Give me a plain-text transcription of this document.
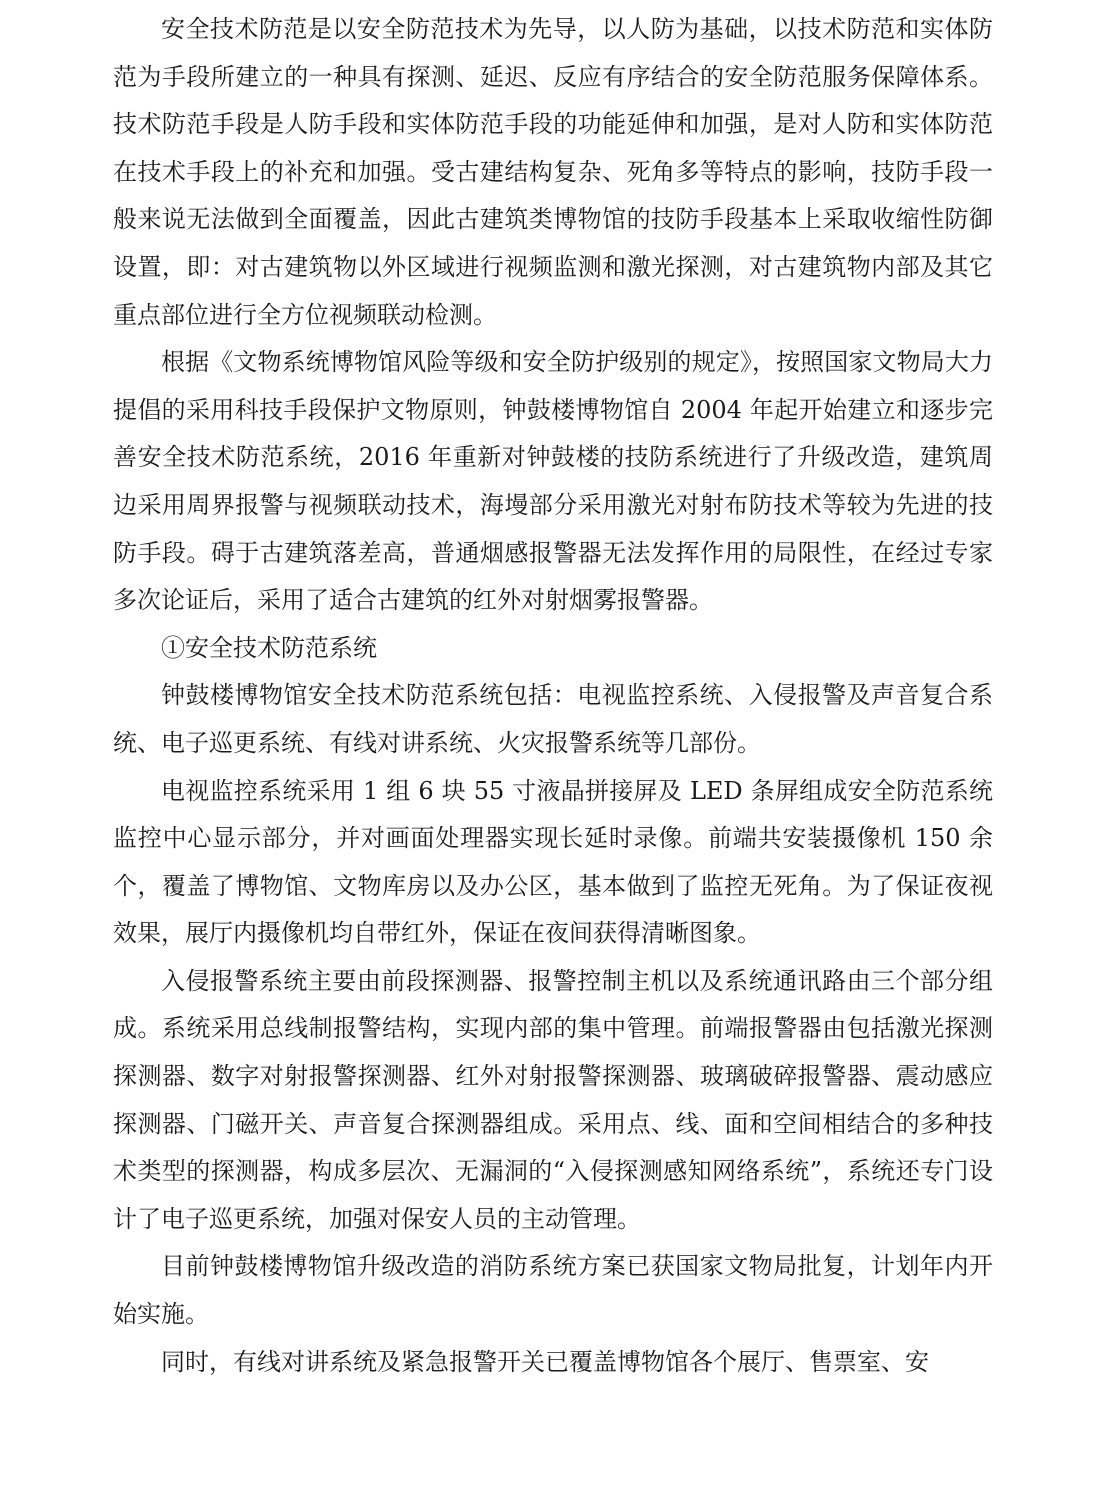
安全技术防范是以安全防范技术为先导，以人防为基础，以技术防范和实体防范为手段所建立的一种具有探测、延迟、反应有序结合的安全防范服务保障体系。技术防范手段是人防手段和实体防范手段的功能延伸和加强，是对人防和实体防范在技术手段上的补充和加强。受古建结构复杂、死角多等特点的影响，技防手段一般来说无法做到全面覆盖，因此古建筑类博物馆的技防手段基本上采取收缩性防御设置，即：对古建筑物以外区域进行视频监测和激光探测，对古建筑物内部及其它重点部位进行全方位视频联动检测。

根据《文物系统博物馆风险等级和安全防护级别的规定》，按照国家文物局大力提倡的采用科技手段保护文物原则，钟鼓楼博物馆自 2004 年起开始建立和逐步完善安全技术防范系统，2016 年重新对钟鼓楼的技防系统进行了升级改造，建筑周边采用周界报警与视频联动技术，海墁部分采用激光对射布防技术等较为先进的技防手段。碍于古建筑落差高，普通烟感报警器无法发挥作用的局限性，在经过专家多次论证后，采用了适合古建筑的红外对射烟雾报警器。

①安全技术防范系统

钟鼓楼博物馆安全技术防范系统包括：电视监控系统、入侵报警及声音复合系统、电子巡更系统、有线对讲系统、火灾报警系统等几部份。

电视监控系统采用 1 组 6 块 55 寸液晶拼接屏及 LED 条屏组成安全防范系统监控中心显示部分，并对画面处理器实现长延时录像。前端共安装摄像机 150 余个，覆盖了博物馆、文物库房以及办公区，基本做到了监控无死角。为了保证夜视效果，展厅内摄像机均自带红外，保证在夜间获得清晰图象。

入侵报警系统主要由前段探测器、报警控制主机以及系统通讯路由三个部分组成。系统采用总线制报警结构，实现内部的集中管理。前端报警器由包括激光探测探测器、数字对射报警探测器、红外对射报警探测器、玻璃破碎报警器、震动感应探测器、门磁开关、声音复合探测器组成。采用点、线、面和空间相结合的多种技术类型的探测器，构成多层次、无漏洞的“入侵探测感知网络系统”，系统还专门设计了电子巡更系统，加强对保安人员的主动管理。

目前钟鼓楼博物馆升级改造的消防系统方案已获国家文物局批复，计划年内开始实施。

同时，有线对讲系统及紧急报警开关已覆盖博物馆各个展厅、售票室、安
